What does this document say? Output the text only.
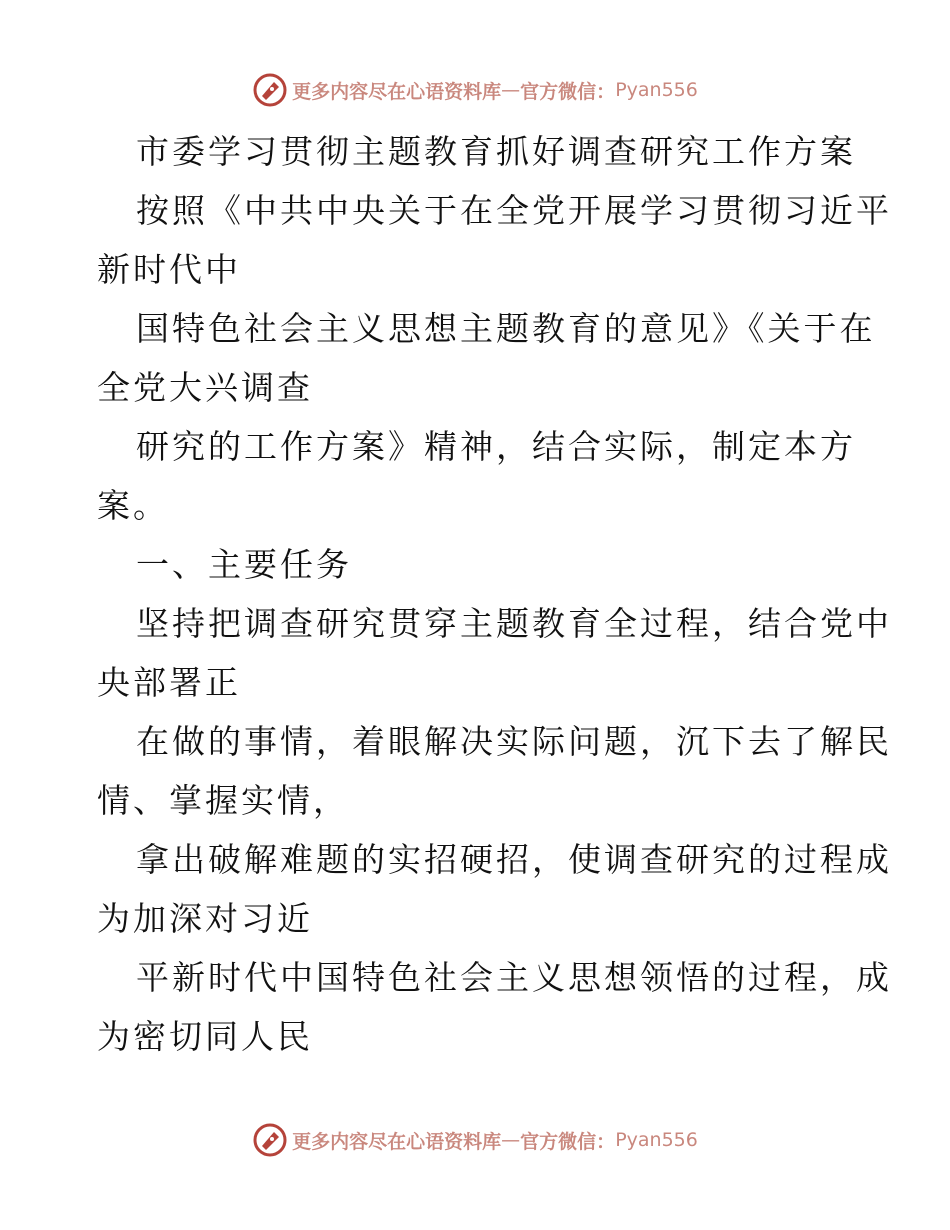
更多内容尽在心语资料库 — 官方微信： Pyan556
市委学习贯彻主题教育抓好调查研究工作方案
按照《中共中央关于在全党开展学习贯彻习近平
新时代中
国特色社会主义思想主题教育的意见》《关于在
全党大兴调查
研究的工作方案》精神，结合实际，制定本方
案。
一、主要任务
坚持把调查研究贯穿主题教育全过程，结合党中
央部署正
在做的事情，着眼解决实际问题，沉下去了解民
情、掌握实情，
拿出破解难题的实招硬招，使调查研究的过程成
为加深对习近
平新时代中国特色社会主义思想领悟的过程，成
为密切同人民
更多内容尽在心语资料库 — 官方微信： Pyan556
